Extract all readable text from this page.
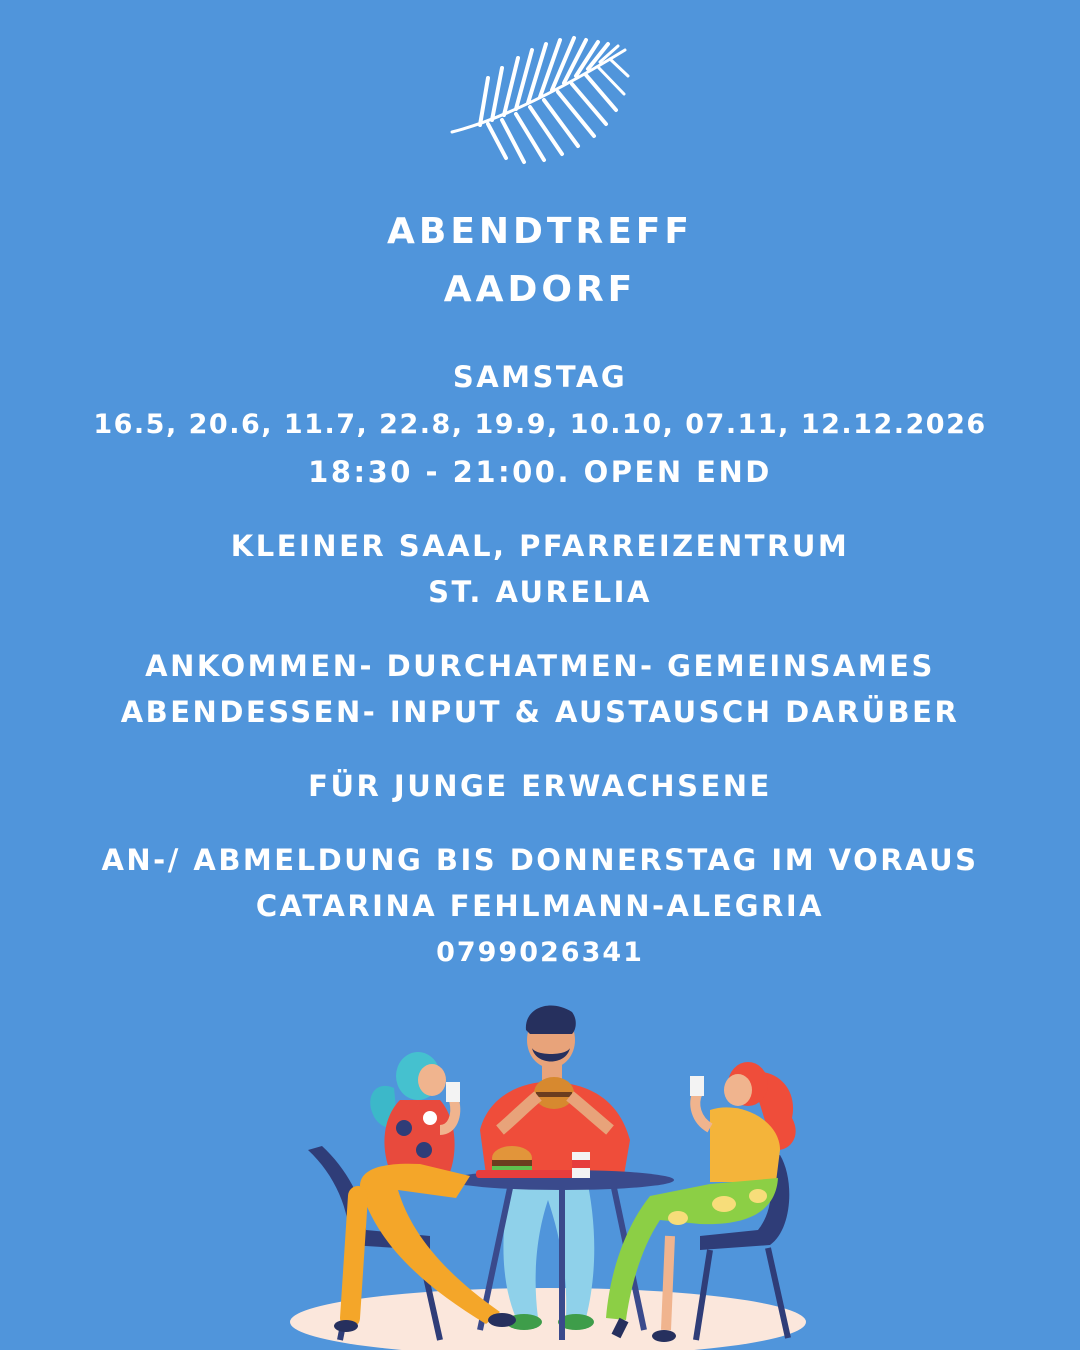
ABENDTREFF
AADORF
SAMSTAG
16.5, 20.6, 11.7, 22.8, 19.9, 10.10, 07.11, 12.12.2026
18:30 - 21:00. OPEN END
KLEINER SAAL, PFARREIZENTRUM
ST. AURELIA
ANKOMMEN- DURCHATMEN- GEMEINSAMES
ABENDESSEN- INPUT & AUSTAUSCH DARÜBER
FÜR JUNGE ERWACHSENE
AN-/ ABMELDUNG BIS DONNERSTAG IM VORAUS
CATARINA FEHLMANN-ALEGRIA
0799026341
